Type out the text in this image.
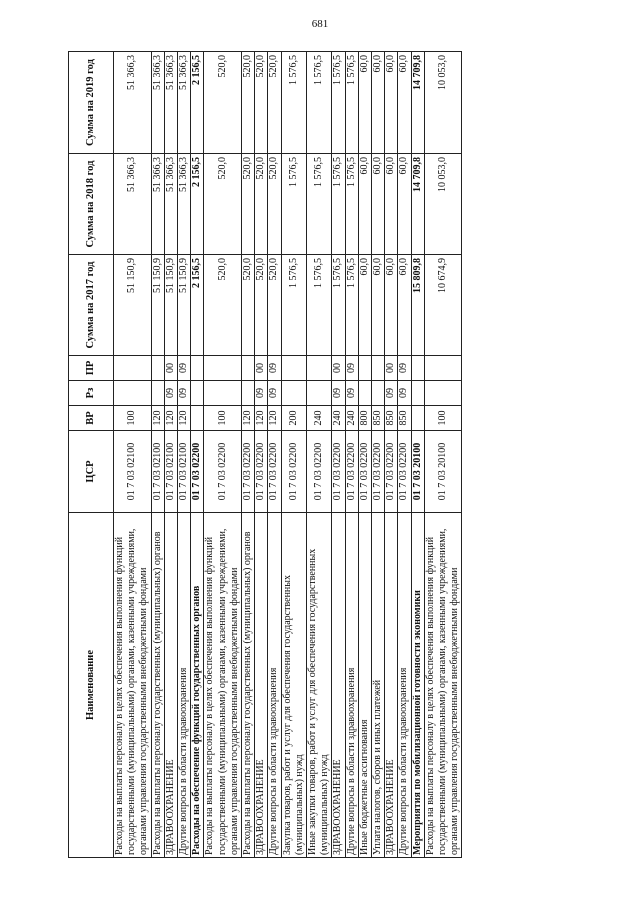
681
Наименование	ЦСР	ВР	Рз	ПР	Сумма на 2017 год	Сумма на 2018 год	Сумма на 2019 год
Расходы на выплаты персоналу в целях обеспечения выполнения функций государственными (муниципальными) органами, казенными учреждениями, органами управления государственными внебюджетными фондами	01 7 03 02100	100			51 150,9	51 366,3	51 366,3
Расходы на выплаты персоналу государственных (муниципальных) органов	01 7 03 02100	120			51 150,9	51 366,3	51 366,3
ЗДРАВООХРАНЕНИЕ	01 7 03 02100	120	09	00	51 150,9	51 366,3	51 366,3
Другие вопросы в области здравоохранения	01 7 03 02100	120	09	09	51 150,9	51 366,3	51 366,3
Расходы на обеспечение функций государственных органов	01 7 03 02200				2 156,5	2 156,5	2 156,5
Расходы на выплаты персоналу в целях обеспечения выполнения функций государственными (муниципальными) органами, казенными учреждениями, органами управления государственными внебюджетными фондами	01 7 03 02200	100			520,0	520,0	520,0
Расходы на выплаты персоналу государственных (муниципальных) органов	01 7 03 02200	120			520,0	520,0	520,0
ЗДРАВООХРАНЕНИЕ	01 7 03 02200	120	09	00	520,0	520,0	520,0
Другие вопросы в области здравоохранения	01 7 03 02200	120	09	09	520,0	520,0	520,0
Закупка товаров, работ и услуг для обеспечения государственных (муниципальных) нужд	01 7 03 02200	200			1 576,5	1 576,5	1 576,5
Иные закупки товаров, работ и услуг для обеспечения государственных (муниципальных) нужд	01 7 03 02200	240			1 576,5	1 576,5	1 576,5
ЗДРАВООХРАНЕНИЕ	01 7 03 02200	240	09	00	1 576,5	1 576,5	1 576,5
Другие вопросы в области здравоохранения	01 7 03 02200	240	09	09	1 576,5	1 576,5	1 576,5
Иные бюджетные ассигнования	01 7 03 02200	800			60,0	60,0	60,0
Уплата налогов, сборов и иных платежей	01 7 03 02200	850			60,0	60,0	60,0
ЗДРАВООХРАНЕНИЕ	01 7 03 02200	850	09	00	60,0	60,0	60,0
Другие вопросы в области здравоохранения	01 7 03 02200	850	09	09	60,0	60,0	60,0
Мероприятия по мобилизационной готовности экономики	01 7 03 20100				15 809,8	14 709,8	14 709,8
Расходы на выплаты персоналу в целях обеспечения выполнения функций государственными (муниципальными) органами, казенными учреждениями, органами управления государственными внебюджетными фондами	01 7 03 20100	100			10 674,9	10 053,0	10 053,0
